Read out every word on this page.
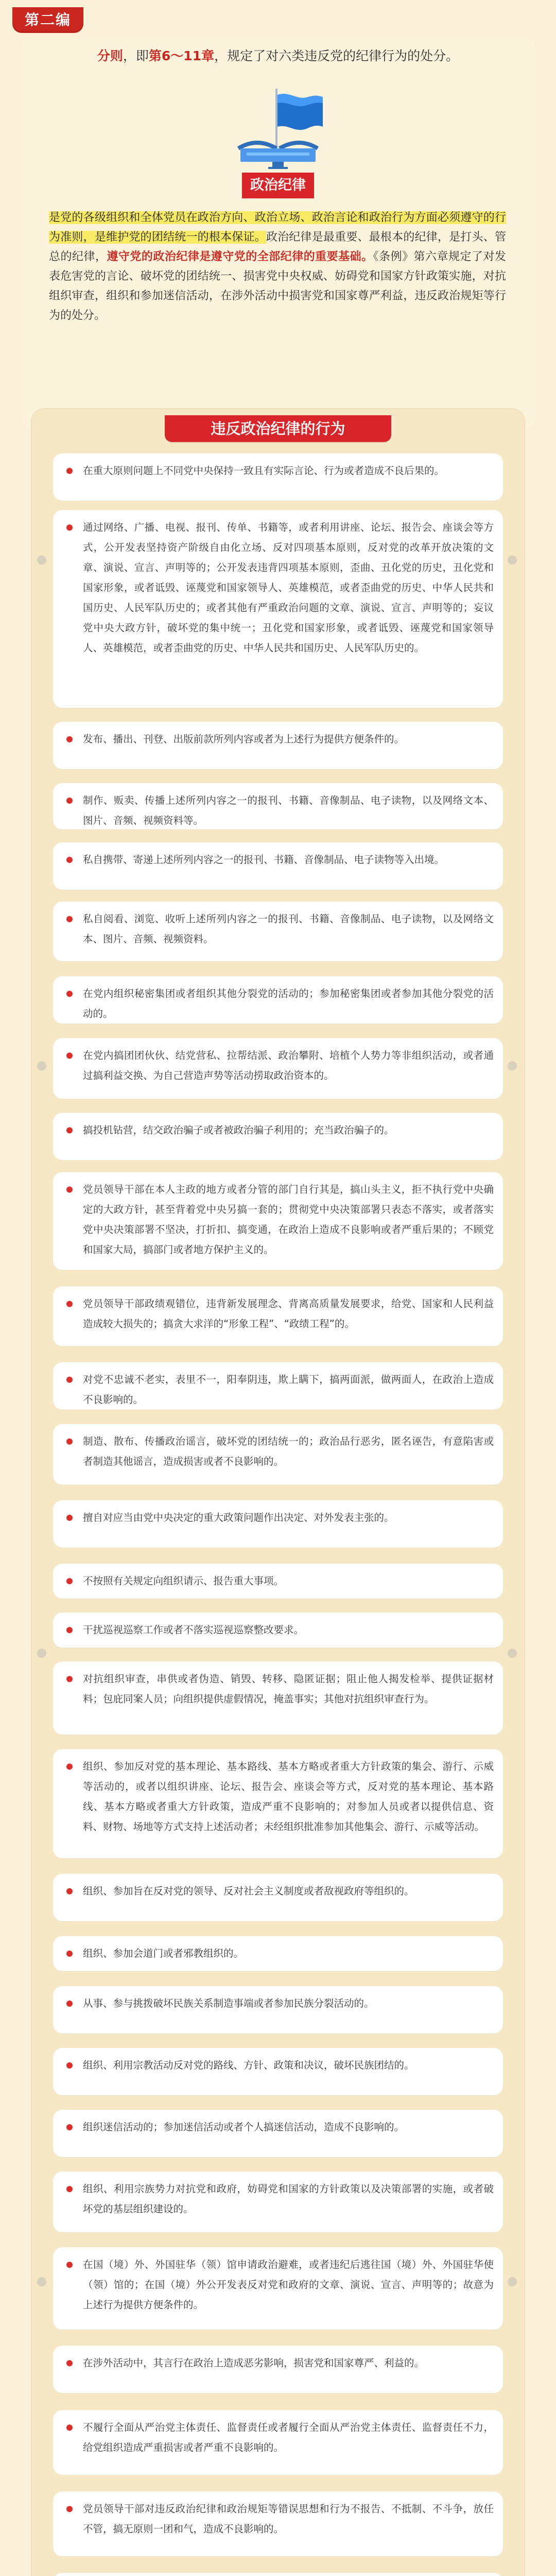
第二编
分则，即第6～11章，规定了对六类违反党的纪律行为的处分。
政治纪律
是党的各级组织和全体党员在政治方向、政治立场、政治言论和政治行为方面必须遵守的行为准则，是维护党的团结统一的根本保证。政治纪律是最重要、最根本的纪律，是打头、管总的纪律，遵守党的政治纪律是遵守党的全部纪律的重要基础。《条例》第六章规定了对发表危害党的言论、破坏党的团结统一、损害党中央权威、妨碍党和国家方针政策实施，对抗组织审查，组织和参加迷信活动，在涉外活动中损害党和国家尊严利益，违反政治规矩等行为的处分。
违反政治纪律的行为
在重大原则问题上不同党中央保持一致且有实际言论、行为或者造成不良后果的。
通过网络、广播、电视、报刊、传单、书籍等，或者利用讲座、论坛、报告会、座谈会等方式，公开发表坚持资产阶级自由化立场、反对四项基本原则，反对党的改革开放决策的文章、演说、宣言、声明等的；公开发表违背四项基本原则，歪曲、丑化党的历史，丑化党和国家形象，或者诋毁、诬蔑党和国家领导人、英雄模范，或者歪曲党的历史、中华人民共和国历史、人民军队历史的；或者其他有严重政治问题的文章、演说、宣言、声明等的；妄议党中央大政方针，破坏党的集中统一；丑化党和国家形象，或者诋毁、诬蔑党和国家领导人、英雄模范，或者歪曲党的历史、中华人民共和国历史、人民军队历史的。
发布、播出、刊登、出版前款所列内容或者为上述行为提供方便条件的。
制作、贩卖、传播上述所列内容之一的报刊、书籍、音像制品、电子读物，以及网络文本、图片、音频、视频资料等。
私自携带、寄递上述所列内容之一的报刊、书籍、音像制品、电子读物等入出境。
私自阅看、浏览、收听上述所列内容之一的报刊、书籍、音像制品、电子读物，以及网络文本、图片、音频、视频资料。
在党内组织秘密集团或者组织其他分裂党的活动的；参加秘密集团或者参加其他分裂党的活动的。
在党内搞团团伙伙、结党营私、拉帮结派、政治攀附、培植个人势力等非组织活动，或者通过搞利益交换、为自己营造声势等活动捞取政治资本的。
搞投机钻营，结交政治骗子或者被政治骗子利用的；充当政治骗子的。
党员领导干部在本人主政的地方或者分管的部门自行其是，搞山头主义，拒不执行党中央确定的大政方针，甚至背着党中央另搞一套的；贯彻党中央决策部署只表态不落实，或者落实党中央决策部署不坚决，打折扣、搞变通，在政治上造成不良影响或者严重后果的；不顾党和国家大局，搞部门或者地方保护主义的。
党员领导干部政绩观错位，违背新发展理念、背离高质量发展要求，给党、国家和人民利益造成较大损失的；搞贪大求洋的“形象工程”、“政绩工程”的。
对党不忠诚不老实，表里不一，阳奉阴违，欺上瞒下，搞两面派，做两面人，在政治上造成不良影响的。
制造、散布、传播政治谣言，破坏党的团结统一的；政治品行恶劣，匿名诬告，有意陷害或者制造其他谣言，造成损害或者不良影响的。
擅自对应当由党中央决定的重大政策问题作出决定、对外发表主张的。
不按照有关规定向组织请示、报告重大事项。
干扰巡视巡察工作或者不落实巡视巡察整改要求。
对抗组织审查，串供或者伪造、销毁、转移、隐匿证据；阻止他人揭发检举、提供证据材料；包庇同案人员；向组织提供虚假情况，掩盖事实；其他对抗组织审查行为。
组织、参加反对党的基本理论、基本路线、基本方略或者重大方针政策的集会、游行、示威等活动的，或者以组织讲座、论坛、报告会、座谈会等方式，反对党的基本理论、基本路线、基本方略或者重大方针政策，造成严重不良影响的；对参加人员或者以提供信息、资料、财物、场地等方式支持上述活动者；未经组织批准参加其他集会、游行、示威等活动。
组织、参加旨在反对党的领导、反对社会主义制度或者敌视政府等组织的。
组织、参加会道门或者邪教组织的。
从事、参与挑拨破坏民族关系制造事端或者参加民族分裂活动的。
组织、利用宗教活动反对党的路线、方针、政策和决议，破坏民族团结的。
组织迷信活动的；参加迷信活动或者个人搞迷信活动，造成不良影响的。
组织、利用宗族势力对抗党和政府，妨碍党和国家的方针政策以及决策部署的实施，或者破坏党的基层组织建设的。
在国（境）外、外国驻华（领）馆申请政治避难，或者违纪后逃往国（境）外、外国驻华使（领）馆的；在国（境）外公开发表反对党和政府的文章、演说、宣言、声明等的；故意为上述行为提供方便条件的。
在涉外活动中，其言行在政治上造成恶劣影响，损害党和国家尊严、利益的。
不履行全面从严治党主体责任、监督责任或者履行全面从严治党主体责任、监督责任不力，给党组织造成严重损害或者严重不良影响的。
党员领导干部对违反政治纪律和政治规矩等错误思想和行为不报告、不抵制、不斗争，放任不管，搞无原则一团和气，造成不良影响的。
